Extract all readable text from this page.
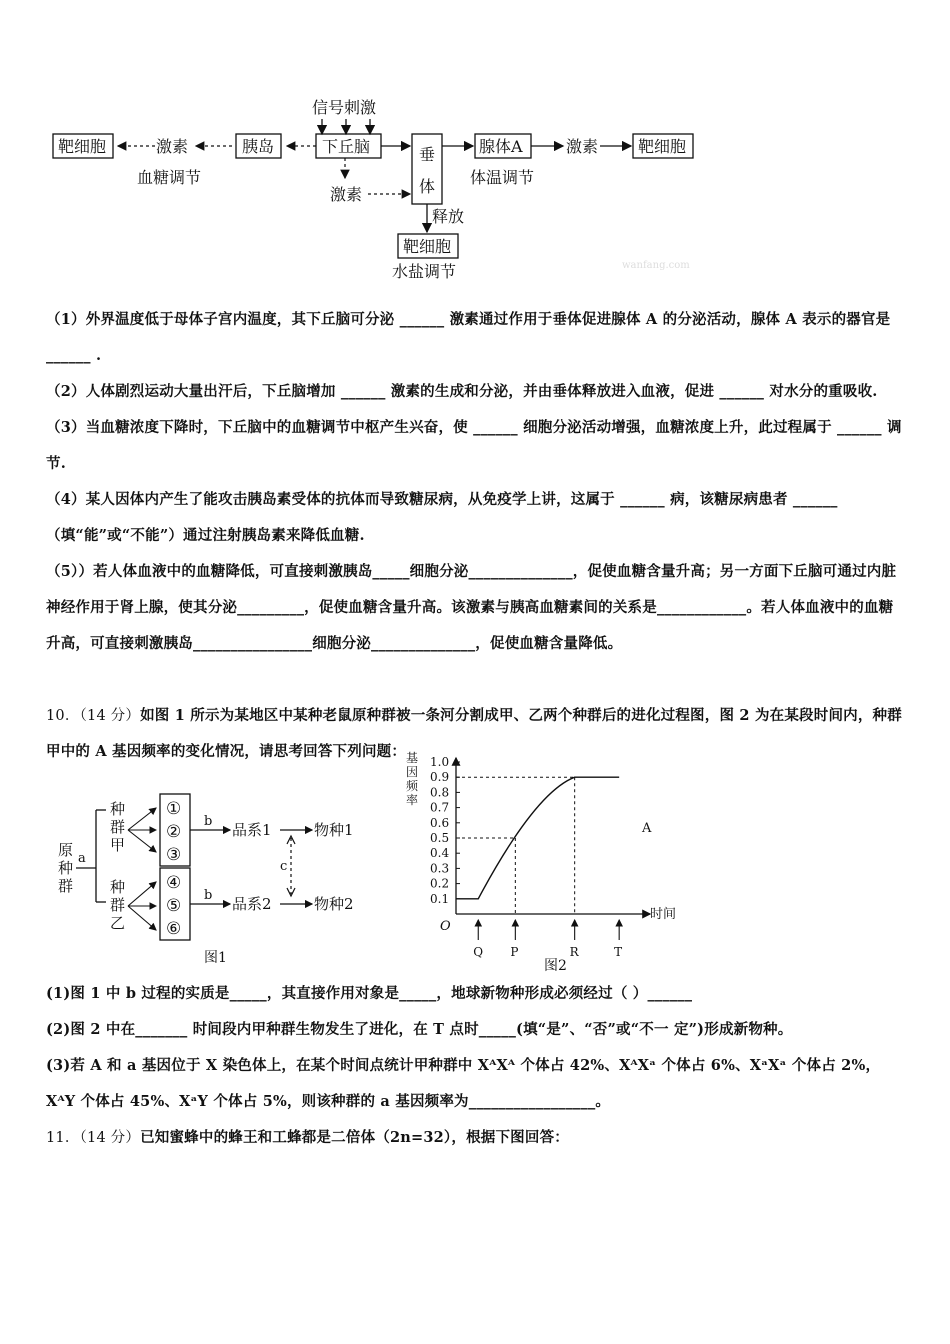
信号刺激
靶细胞	激素	胰岛	下丘脑
激素
垂
体
腺体A	激素 靶细胞
血糖调节	体温调节
释放
靶细胞
水盐调节	wanfang.com

（1）外界温度低于母体子宫内温度，其下丘脑可分泌 ______ 激素通过作用于垂体促进腺体 A 的分泌活动，腺体 A 表示的器官是 ______ .

（2）人体剧烈运动大量出汗后，下丘脑增加 ______ 激素的生成和分泌，并由垂体释放进入血液，促进 ______ 对水分的重吸收.

（3）当血糖浓度下降时，下丘脑中的血糖调节中枢产生兴奋，使 ______ 细胞分泌活动增强，血糖浓度上升，此过程属于 ______ 调节.

（4）某人因体内产生了能攻击胰岛素受体的抗体而导致糖尿病，从免疫学上讲，这属于 ______ 病，该糖尿病患者 ______ （填“能”或“不能”）通过注射胰岛素来降低血糖.

（5））若人体血液中的血糖降低，可直接刺激胰岛_____细胞分泌______________，促使血糖含量升高；另一方面下丘脑可通过内脏神经作用于肾上腺，使其分泌_________，促使血糖含量升高。该激素与胰高血糖素间的关系是____________。若人体血液中的血糖升高，可直接刺激胰岛________________细胞分泌______________，促使血糖含量降低。

10．（14 分）如图 1 所示为某地区中某种老鼠原种群被一条河分割成甲、乙两个种群后的进化过程图，图 2 为在某段时间内，种群甲中的 A 基因频率的变化情况，请思考回答下列问题：

原
种
群
a
种
群
甲
种
群
乙
①
②
③
④
⑤
⑥
b 品系1	物种1
b 品系2	物种2
c
图1
基
因
频
率
时间
O
A
图2
0.1
0.2
0.3
0.4
0.5
0.6
0.7
0.8
0.9
1.0
Q P	R	T

(1)图 1 中 b 过程的实质是_____，其直接作用对象是_____，地球新物种形成必须经过（ ）______

(2)图 2 中在_______ 时间段内甲种群生物发生了进化，在 T 点时_____(填“是”、“否”或“不一 定”)形成新物种。

(3)若 A 和 a 基因位于 X 染色体上，在某个时间点统计甲种群中 XᴬXᴬ 个体占 42%、XᴬXᵃ 个体占 6%、XᵃXᵃ 个体占 2%，XᴬY 个体占 45%、XᵃY 个体占 5%，则该种群的 a 基因频率为_________________。

11．（14 分）已知蜜蜂中的蜂王和工蜂都是二倍体（2n=32），根据下图回答：
